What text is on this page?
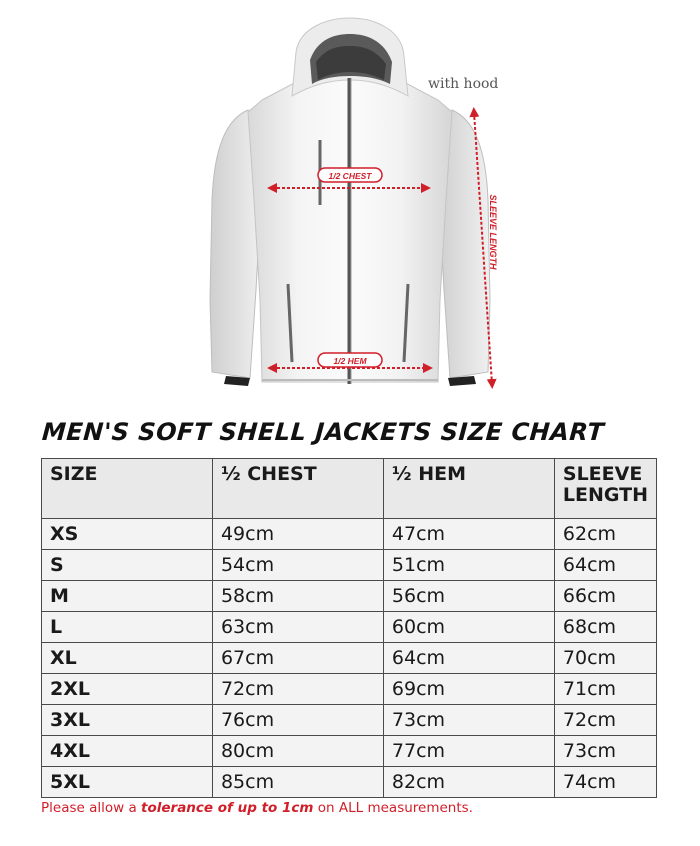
1/2 CHEST
1/2 HEM
SLEEVE LENGTH
with hood
MEN'S SOFT SHELL JACKETS SIZE CHART
SIZE	½ CHEST	½ HEM	SLEEVE LENGTH
XS	49cm	47cm	62cm
S	54cm	51cm	64cm
M	58cm	56cm	66cm
L	63cm	60cm	68cm
XL	67cm	64cm	70cm
2XL	72cm	69cm	71cm
3XL	76cm	73cm	72cm
4XL	80cm	77cm	73cm
5XL	85cm	82cm	74cm
Please allow a tolerance of up to 1cm on ALL measurements.
